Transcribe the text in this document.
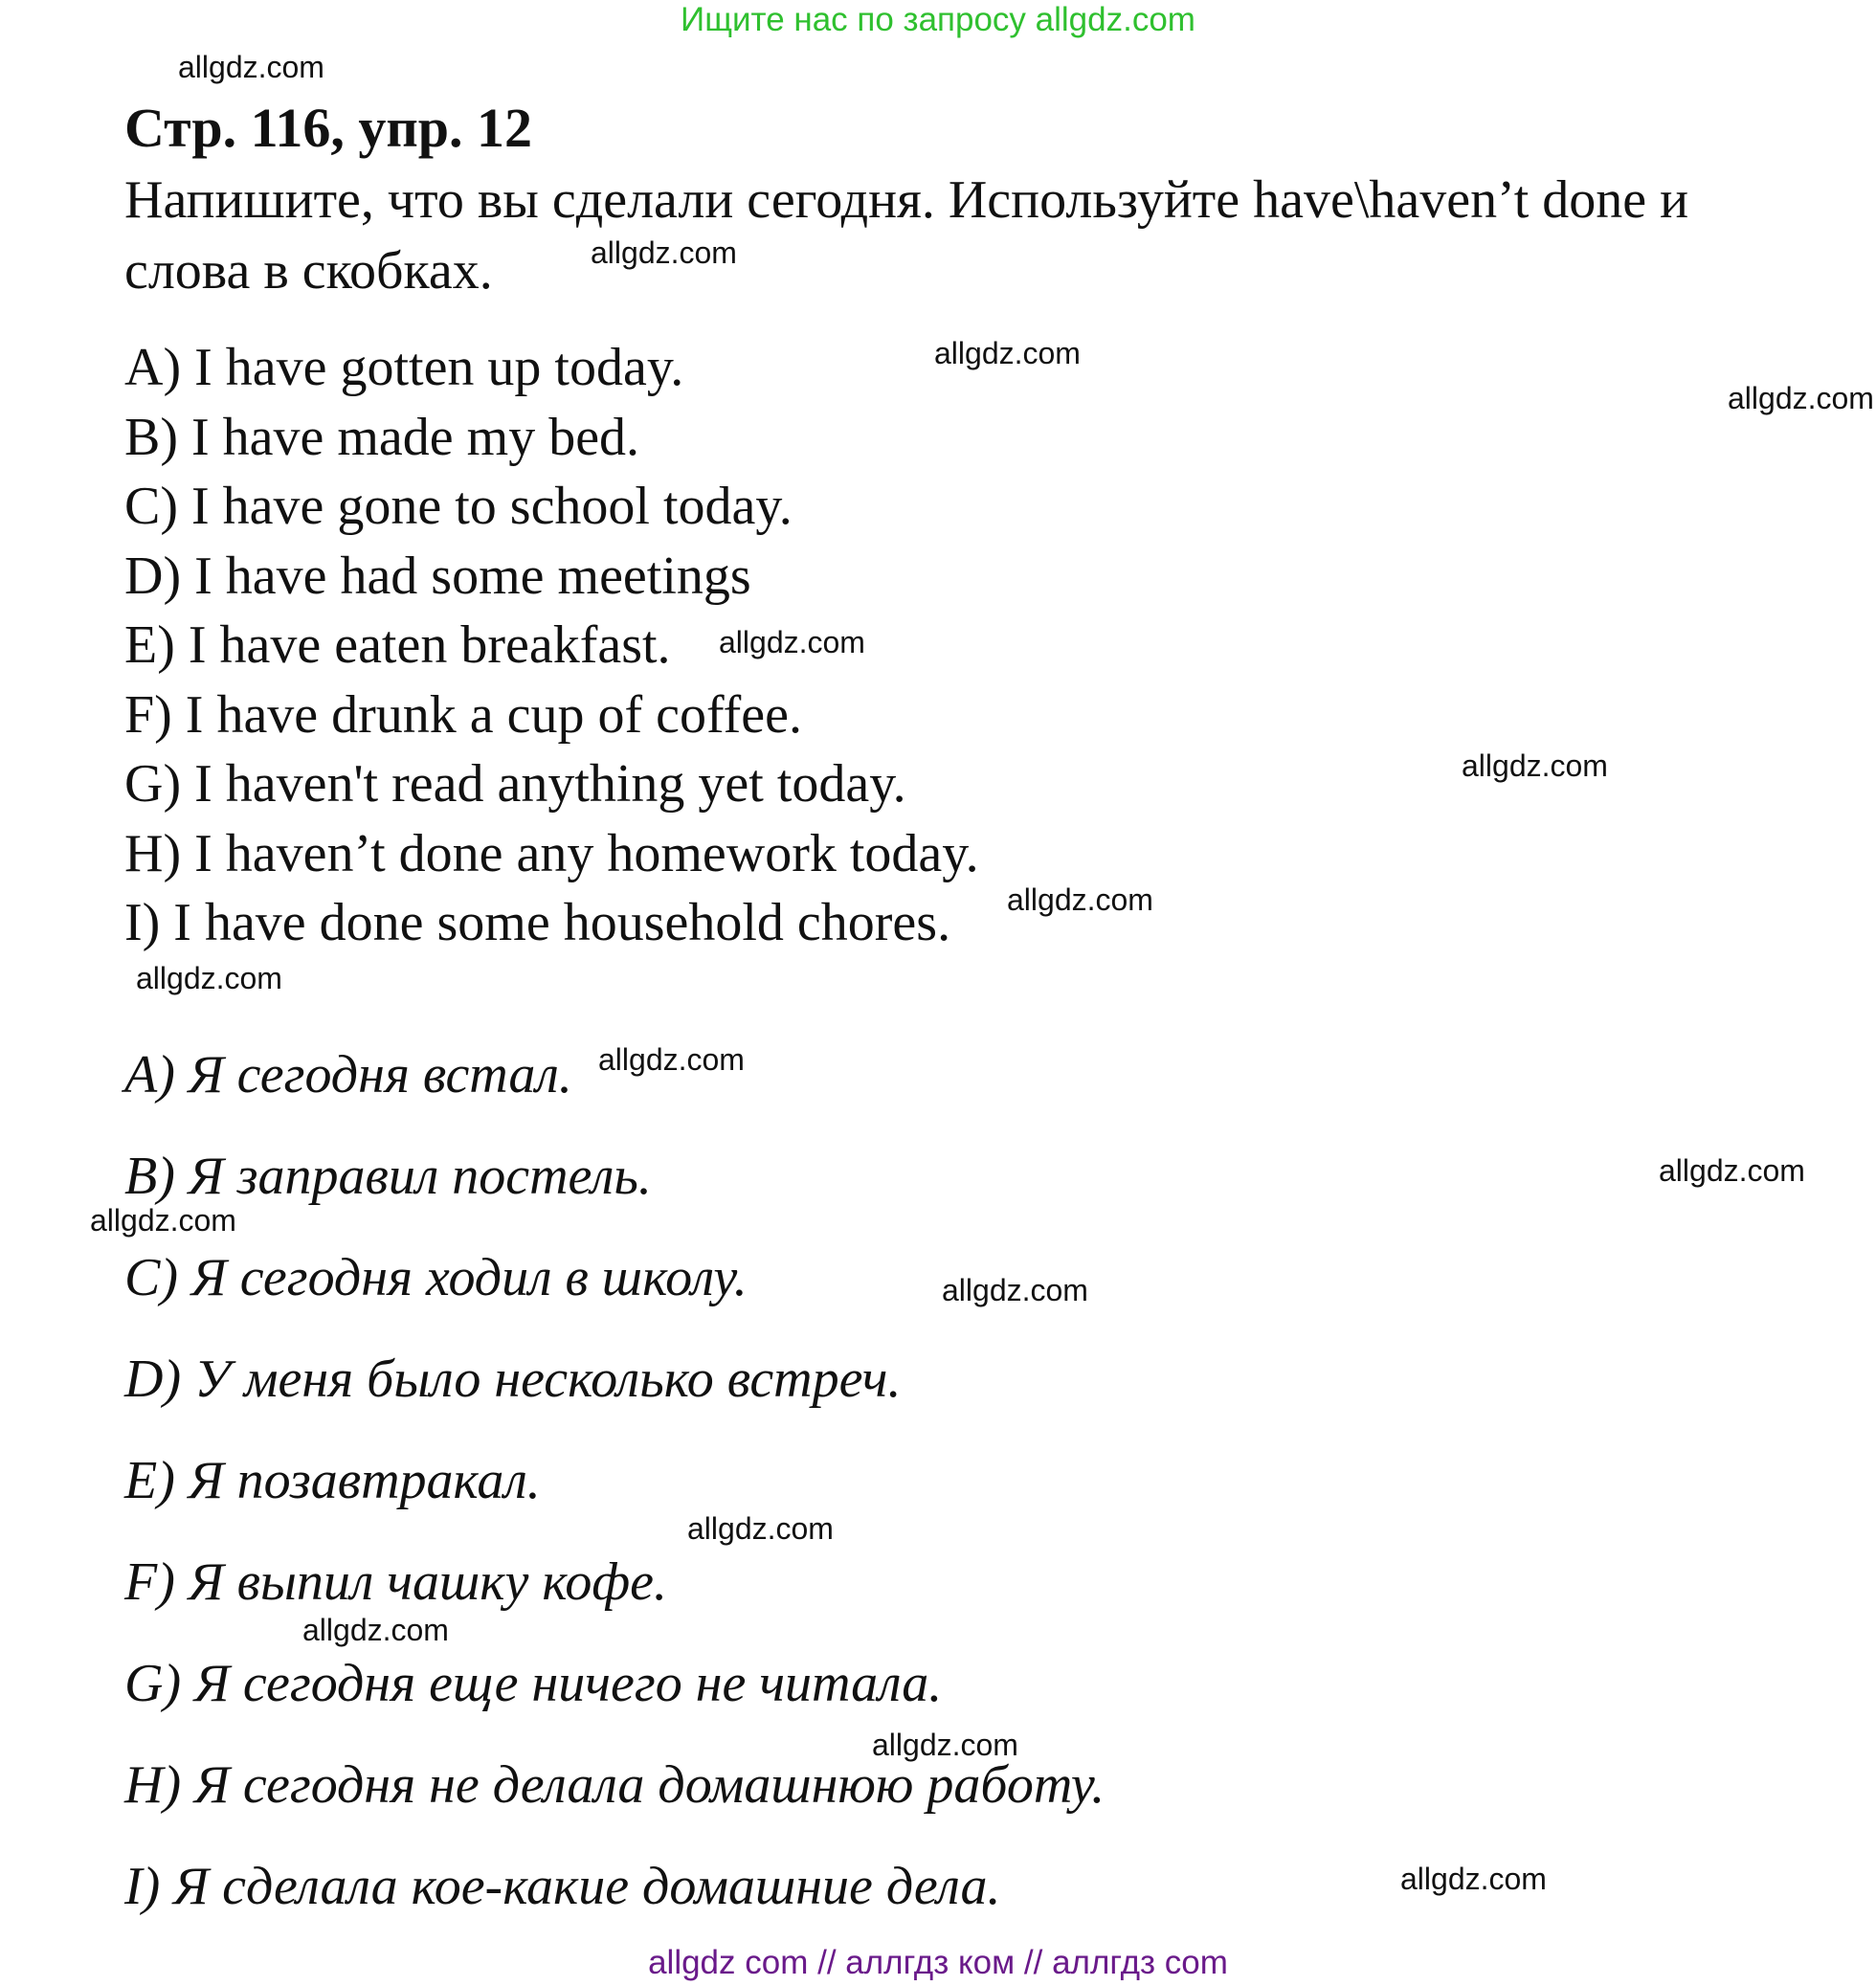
Ищите нас по запросу allgdz.com
Стр. 116, упр. 12
Напишите, что вы сделали сегодня. Используйте have\haven’t done и слова в скобках.
A) I have gotten up today.
B) I have made my bed.
C) I have gone to school today.
D) I have had some meetings
E) I have eaten breakfast.
F) I have drunk a cup of coffee.
G) I haven't read anything yet today.
H) I haven’t done any homework today.
I) I have done some household chores.
A) Я сегодня встал.
B) Я заправил постель.
C) Я сегодня ходил в школу.
D) У меня было несколько встреч.
E) Я позавтракал.
F) Я выпил чашку кофе.
G) Я сегодня еще ничего не читала.
H) Я сегодня не делала домашнюю работу.
I) Я сделала кое-какие домашние дела.
allgdz.com
allgdz.com
allgdz.com
allgdz.com
allgdz.com
allgdz.com
allgdz.com
allgdz.com
allgdz.com
allgdz.com
allgdz.com
allgdz.com
allgdz.com
allgdz.com
allgdz.com
allgdz.com
allgdz com // аллгдз ком // аллгдз com
